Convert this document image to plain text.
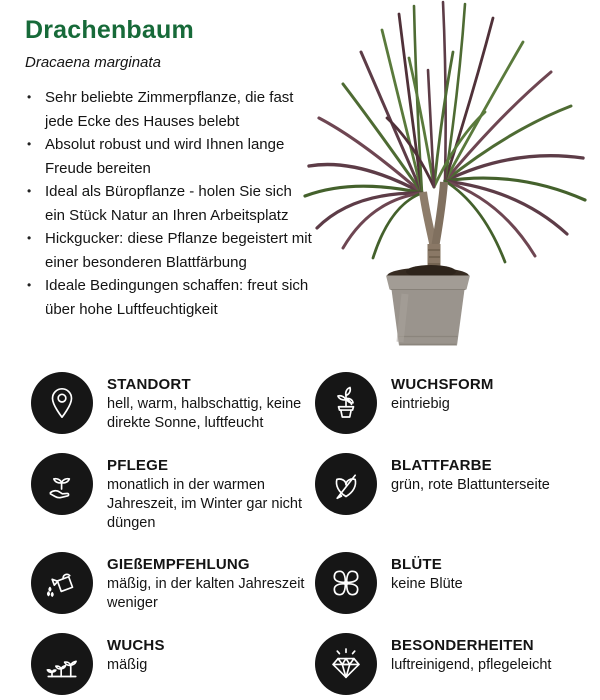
Drachenbaum
Dracaena marginata
• Sehr beliebte Zimmerpflanze, die fast jede Ecke des Hauses belebt
• Absolut robust und wird Ihnen lange Freude bereiten
• Ideal als Büropflanze - holen Sie sich ein Stück Natur an Ihren Arbeitsplatz
• Hickgucker: diese Pflanze begeistert mit einer besonderen Blattfärbung
• Ideale Bedingungen schaffen: freut sich über hohe Luftfeuchtigkeit
STANDORT
hell, warm, halbschattig, keine direkte Sonne, luftfeucht
WUCHSFORM
eintriebig
PFLEGE
monatlich in der warmen Jahreszeit, im Winter gar nicht düngen
BLATTFARBE
grün, rote Blattunterseite
GIEßEMPFEHLUNG
mäßig, in der kalten Jahreszeit weniger
BLÜTE
keine Blüte
WUCHS
mäßig
BESONDERHEITEN
luftreinigend, pflegeleicht
